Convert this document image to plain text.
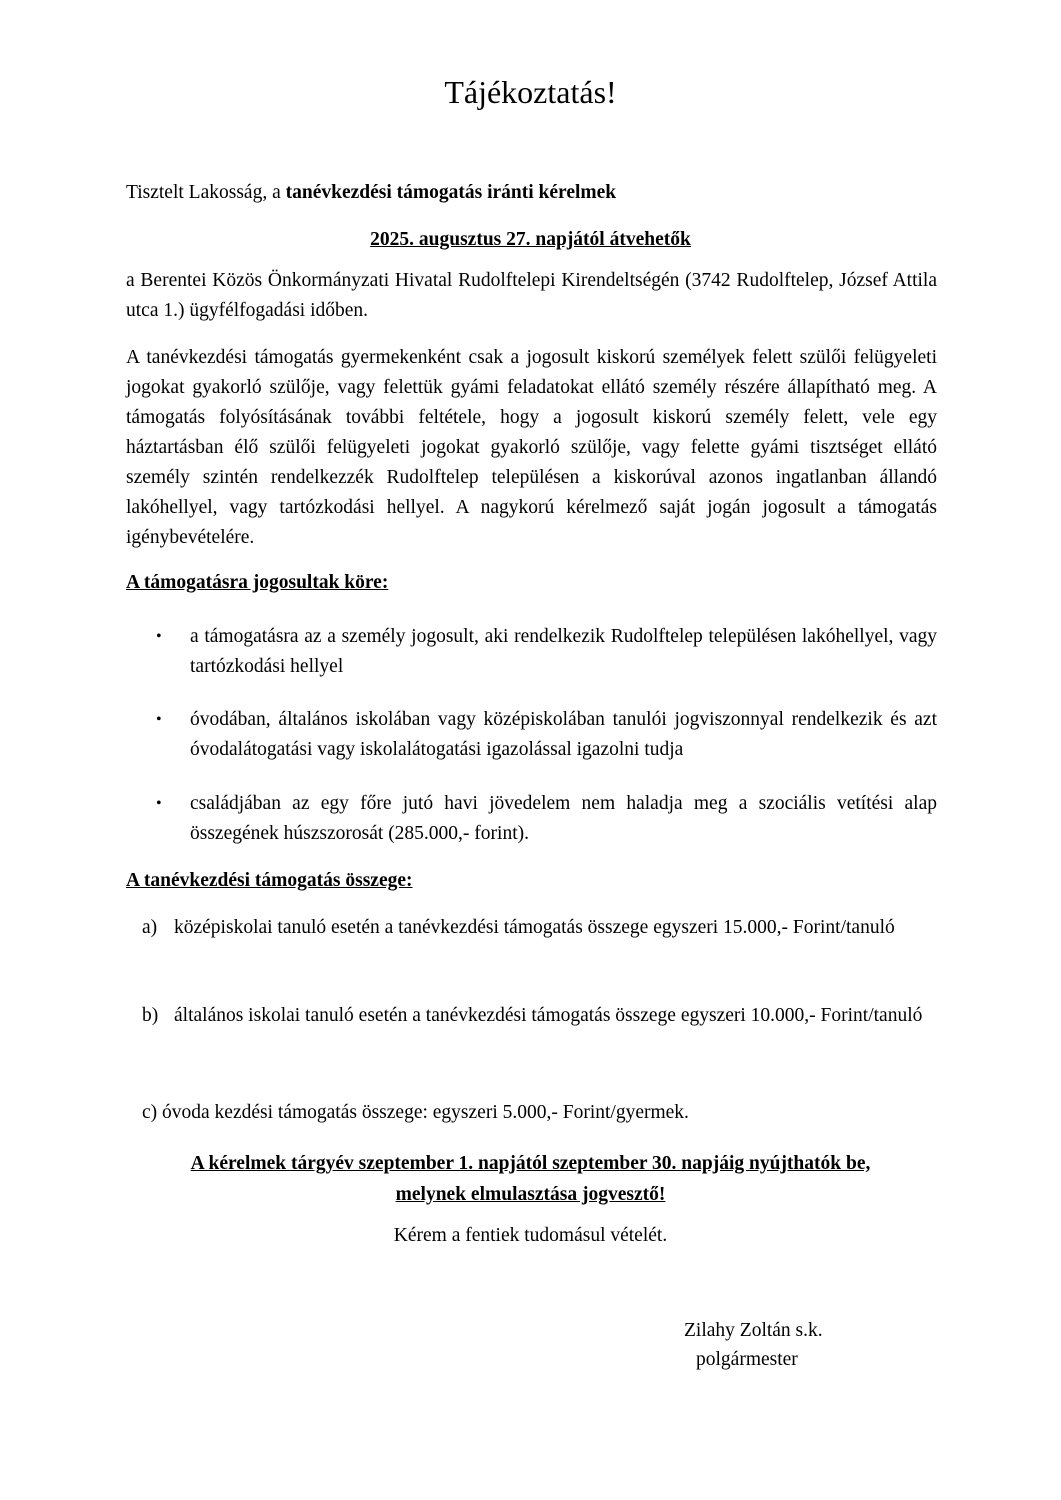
Tájékoztatás!

Tisztelt Lakosság, a tanévkezdési támogatás iránti kérelmek

2025. augusztus 27. napjától átvehetők

a Berentei Közös Önkormányzati Hivatal Rudolftelepi Kirendeltségén (3742 Rudolftelep, József Attila utca 1.) ügyfélfogadási időben.

A tanévkezdési támogatás gyermekenként csak a jogosult kiskorú személyek felett szülői felügyeleti jogokat gyakorló szülője, vagy felettük gyámi feladatokat ellátó személy részére állapítható meg. A támogatás folyósításának további feltétele, hogy a jogosult kiskorú személy felett, vele egy háztartásban élő szülői felügyeleti jogokat gyakorló szülője, vagy felette gyámi tisztséget ellátó személy szintén rendelkezzék Rudolftelep településen a kiskorúval azonos ingatlanban állandó lakóhellyel, vagy tartózkodási hellyel. A nagykorú kérelmező saját jogán jogosult a támogatás igénybevételére.

A támogatásra jogosultak köre:

• a támogatásra az a személy jogosult, aki rendelkezik Rudolftelep településen lakóhellyel, vagy tartózkodási hellyel
• óvodában, általános iskolában vagy középiskolában tanulói jogviszonnyal rendelkezik és azt óvodalátogatási vagy iskolalátogatási igazolással igazolni tudja
• családjában az egy főre jutó havi jövedelem nem haladja meg a szociális vetítési alap összegének húszszorosát (285.000,- forint).

A tanévkezdési támogatás összege:

a) középiskolai tanuló esetén a tanévkezdési támogatás összege egyszeri 15.000,- Forint/tanuló
b) általános iskolai tanuló esetén a tanévkezdési támogatás összege egyszeri 10.000,- Forint/tanuló

c) óvoda kezdési támogatás összege: egyszeri 5.000,- Forint/gyermek.

A kérelmek tárgyév szeptember 1. napjától szeptember 30. napjáig nyújthatók be,
melynek elmulasztása jogvesztő!

Kérem a fentiek tudomásul vételét.

Zilahy Zoltán s.k.
polgármester
